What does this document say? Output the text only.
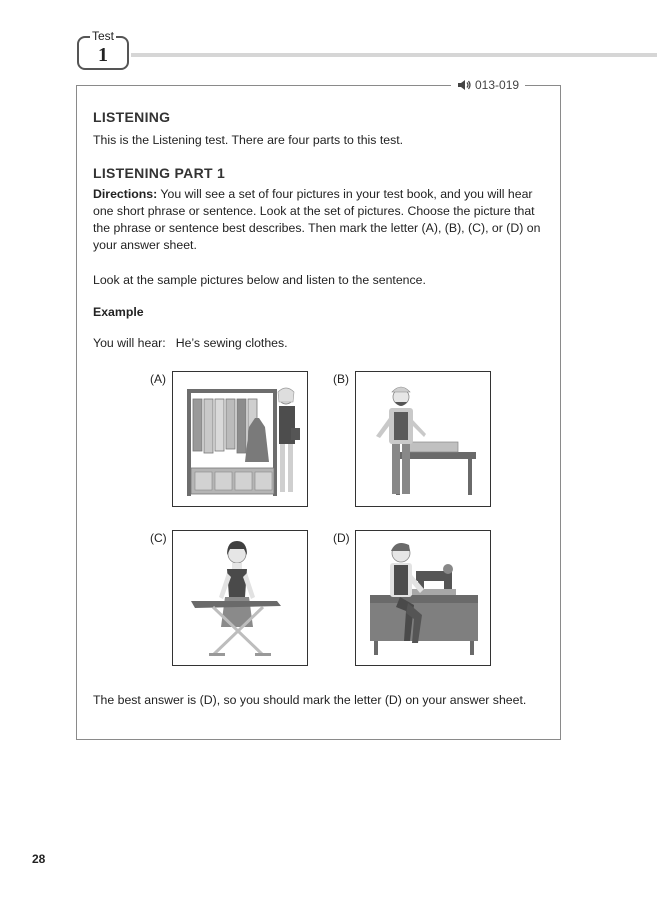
Test
1
013-019
LISTENING

This is the Listening test. There are four parts to this test.

LISTENING PART 1

Directions: You will see a set of four pictures in your test book, and you will hear one short phrase or sentence. Look at the set of pictures. Choose the picture that the phrase or sentence best describes. Then mark the letter (A), (B), (C), or (D) on your answer sheet.

Look at the sample pictures below and listen to the sentence.

Example

You will hear: He’s sewing clothes.

(A)	(B)
(C)	(D)

The best answer is (D), so you should mark the letter (D) on your answer sheet.

28
